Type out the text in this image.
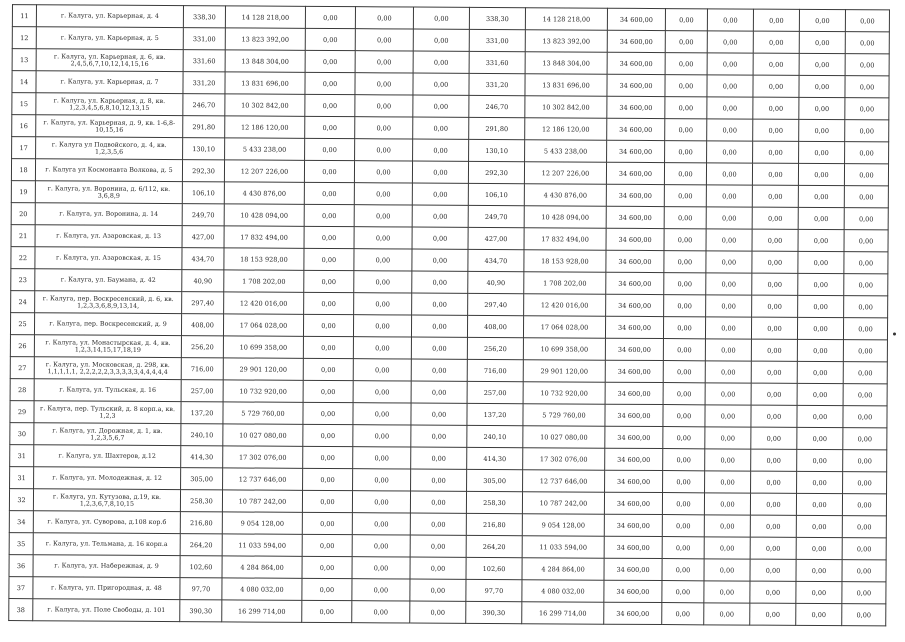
11	г. Калуга, ул. Карьерная, д. 4	338,30	14 128 218,00	0,00	0,00	0,00	338,30	14 128 218,00	34 600,00	0,00	0,00	0,00	0,00	0,00
12	г. Калуга, ул. Карьерная, д. 5	331,00	13 823 392,00	0,00	0,00	0,00	331,00	13 823 392,00	34 600,00	0,00	0,00	0,00	0,00	0,00
13	г. Калуга, ул. Карьерная, д. 6, кв. 2,4,5,6,7,10,12,14,15,16	331,60	13 848 304,00	0,00	0,00	0,00	331,60	13 848 304,00	34 600,00	0,00	0,00	0,00	0,00	0,00
14	г. Калуга, ул. Карьерная, д. 7	331,20	13 831 696,00	0,00	0,00	0,00	331,20	13 831 696,00	34 600,00	0,00	0,00	0,00	0,00	0,00
15	г. Калуга, ул. Карьерная, д. 8, кв. 1,2,3,4,5,6,8,10,12,13,15	246,70	10 302 842,00	0,00	0,00	0,00	246,70	10 302 842,00	34 600,00	0,00	0,00	0,00	0,00	0,00
16	г. Калуга, ул. Карьерная, д. 9, кв. 1-6,8-10,15,16	291,80	12 186 120,00	0,00	0,00	0,00	291,80	12 186 120,00	34 600,00	0,00	0,00	0,00	0,00	0,00
17	г. Калуга ул Подвойского, д. 4, кв. 1,2,3,5,6	130,10	5 433 238,00	0,00	0,00	0,00	130,10	5 433 238,00	34 600,00	0,00	0,00	0,00	0,00	0,00
18	г. Калуга ул Космонавта Волкова, д. 5	292,30	12 207 226,00	0,00	0,00	0,00	292,30	12 207 226,00	34 600,00	0,00	0,00	0,00	0,00	0,00
19	г. Калуга, ул. Воронина, д. 6/112, кв. 3,6,8,9	106,10	4 430 876,00	0,00	0,00	0,00	106,10	4 430 876,00	34 600,00	0,00	0,00	0,00	0,00	0,00
20	г. Калуга, ул. Воронина, д. 14	249,70	10 428 094,00	0,00	0,00	0,00	249,70	10 428 094,00	34 600,00	0,00	0,00	0,00	0,00	0,00
21	г. Калуга, ул. Азаровская, д. 13	427,00	17 832 494,00	0,00	0,00	0,00	427,00	17 832 494,00	34 600,00	0,00	0,00	0,00	0,00	0,00
22	г. Калуга, ул. Азаровская, д. 15	434,70	18 153 928,00	0,00	0,00	0,00	434,70	18 153 928,00	34 600,00	0,00	0,00	0,00	0,00	0,00
23	г. Калуга, ул. Баумана, д. 42	40,90	1 708 202,00	0,00	0,00	0,00	40,90	1 708 202,00	34 600,00	0,00	0,00	0,00	0,00	0,00
24	г. Калуга, пер. Воскресенский, д. 6, кв. 1,2,3,3,6,8,9,13,14,	297,40	12 420 016,00	0,00	0,00	0,00	297,40	12 420 016,00	34 600,00	0,00	0,00	0,00	0,00	0,00
25	г. Калуга, пер. Воскресенский, д. 9	408,00	17 064 028,00	0,00	0,00	0,00	408,00	17 064 028,00	34 600,00	0,00	0,00	0,00	0,00	0,00
26	г. Калуга, ул. Монастырская, д. 4, кв. 1,2,3,14,15,17,18,19	256,20	10 699 358,00	0,00	0,00	0,00	256,20	10 699 358,00	34 600,00	0,00	0,00	0,00	0,00	0,00
27	г. Калуга, ул. Московская, д. 298, кв. 1,1,1,1,1, 2,2,2,2,2,3,3,3,3,3,4,4,4,4,4	716,00	29 901 120,00	0,00	0,00	0,00	716,00	29 901 120,00	34 600,00	0,00	0,00	0,00	0,00	0,00
28	г. Калуга, ул. Тульская, д. 16	257,00	10 732 920,00	0,00	0,00	0,00	257,00	10 732 920,00	34 600,00	0,00	0,00	0,00	0,00	0,00
29	г. Калуга, пер. Тульский, д. 8 корп.а, кв. 1,2,3	137,20	5 729 760,00	0,00	0,00	0,00	137,20	5 729 760,00	34 600,00	0,00	0,00	0,00	0,00	0,00
30	г. Калуга, ул. Дорожная, д. 1, кв. 1,2,3,5,6,7	240,10	10 027 080,00	0,00	0,00	0,00	240,10	10 027 080,00	34 600,00	0,00	0,00	0,00	0,00	0,00
31	г. Калуга, ул. Шахтеров, д.12	414,30	17 302 076,00	0,00	0,00	0,00	414,30	17 302 076,00	34 600,00	0,00	0,00	0,00	0,00	0,00
31	г. Калуга, ул. Молодежная, д. 12	305,00	12 737 646,00	0,00	0,00	0,00	305,00	12 737 646,00	34 600,00	0,00	0,00	0,00	0,00	0,00
32	г. Калуга, ул. Кутузова, д.19, кв. 1,2,3,6,7,8,10,15	258,30	10 787 242,00	0,00	0,00	0,00	258,30	10 787 242,00	34 600,00	0,00	0,00	0,00	0,00	0,00
34	г. Калуга, ул. Суворова, д.108 кор.б	216,80	9 054 128,00	0,00	0,00	0,00	216,80	9 054 128,00	34 600,00	0,00	0,00	0,00	0,00	0,00
35	г. Калуга, ул. Тельмана, д. 16 корп.а	264,20	11 033 594,00	0,00	0,00	0,00	264,20	11 033 594,00	34 600,00	0,00	0,00	0,00	0,00	0,00
36	г. Калуга, ул. Набережная, д. 9	102,60	4 284 864,00	0,00	0,00	0,00	102,60	4 284 864,00	34 600,00	0,00	0,00	0,00	0,00	0,00
37	г. Калуга, ул. Пригородная, д. 48	97,70	4 080 032,00	0,00	0,00	0,00	97,70	4 080 032,00	34 600,00	0,00	0,00	0,00	0,00	0,00
38	г. Калуга, ул. Поле Свободы, д. 101	390,30	16 299 714,00	0,00	0,00	0,00	390,30	16 299 714,00	34 600,00	0,00	0,00	0,00	0,00	0,00
